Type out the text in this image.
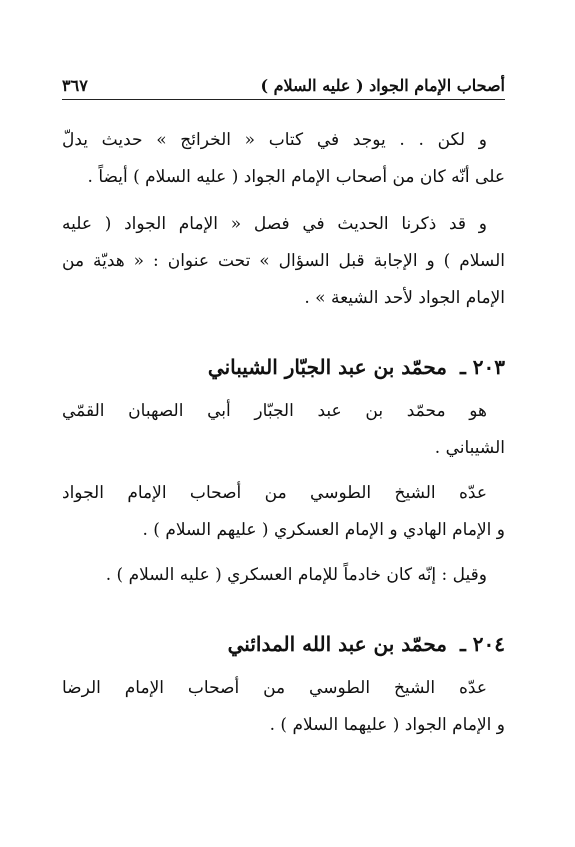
أصحاب الإمام الجواد ( عليه السلام )
٣٦٧

و لكن . . يوجد في كتاب « الخرائج » حديث يدلّ
على أنّه كان من أصحاب الإمام الجواد ( عليه السلام ) أيضاً .

و قد ذكرنا الحديث في فصل « الإمام الجواد ( عليه
السلام ) و الإجابة قبل السؤال » تحت عنوان : « هديّة من
الإمام الجواد لأحد الشيعة » .

٢٠٣ ـ محمّد بن عبد الجبّار الشيباني

هو محمّد بن عبد الجبّار أبي الصهبان القمّي
الشيباني .

عدّه الشيخ الطوسي من أصحاب الإمام الجواد
و الإمام الهادي و الإمام العسكري ( عليهم السلام ) .

وقيل : إنّه كان خادماً للإمام العسكري ( عليه السلام ) .

٢٠٤ ـ محمّد بن عبد الله المدائني

عدّه الشيخ الطوسي من أصحاب الإمام الرضا
و الإمام الجواد ( عليهما السلام ) .
